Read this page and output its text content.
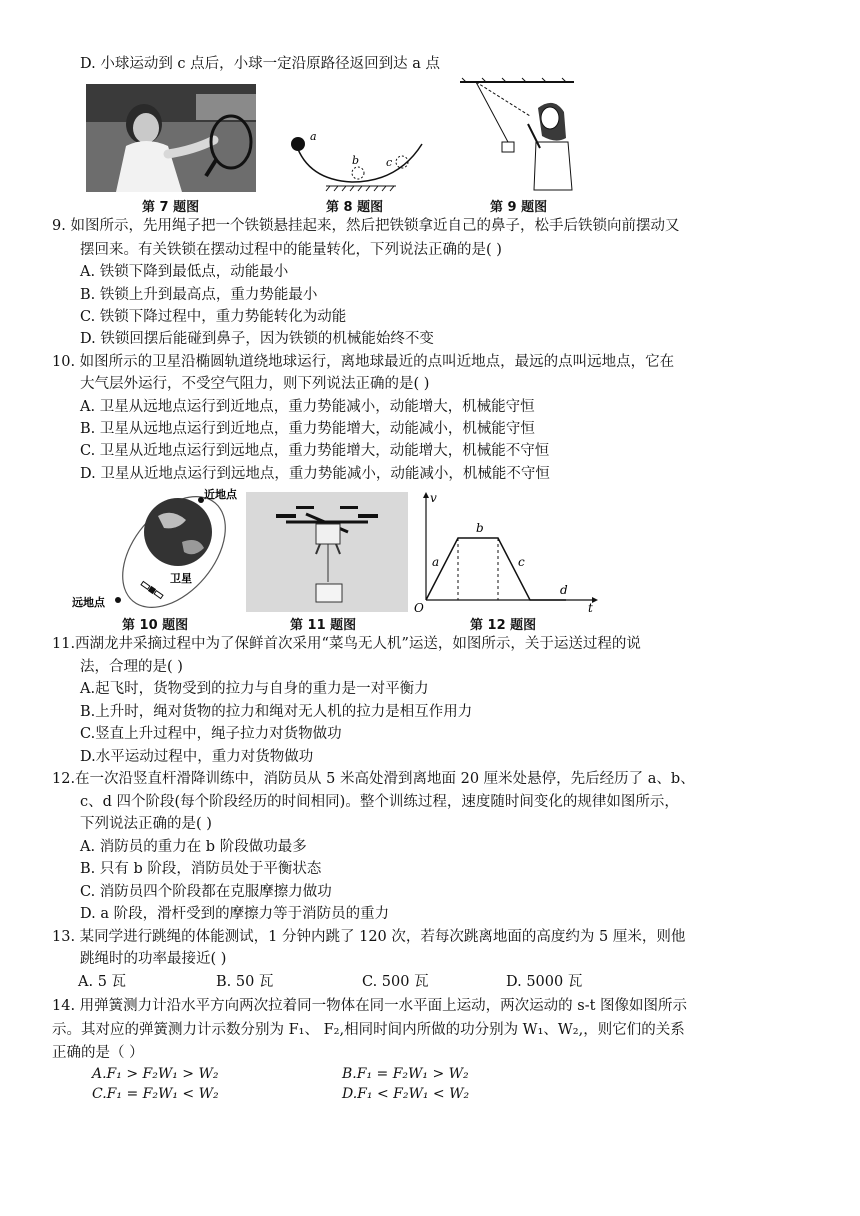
D. 小球运动到 c 点后，小球一定沿原路径返回到达 a 点
第 7 题图
a
b c
第 8 题图	第 9 题图
9. 如图所示，先用绳子把一个铁锁悬挂起来，然后把铁锁拿近自己的鼻子，松手后铁锁向前摆动又
摆回来。有关铁锁在摆动过程中的能量转化，下列说法正确的是( )
A. 铁锁下降到最低点，动能最小
B. 铁锁上升到最高点，重力势能最小
C. 铁锁下降过程中，重力势能转化为动能
D. 铁锁回摆后能碰到鼻子，因为铁锁的机械能始终不变
10. 如图所示的卫星沿椭圆轨道绕地球运行，离地球最近的点叫近地点，最远的点叫远地点，它在
大气层外运行，不受空气阻力，则下列说法正确的是( )
A. 卫星从远地点运行到近地点，重力势能减小，动能增大，机械能守恒
B. 卫星从远地点运行到近地点，重力势能增大，动能减小，机械能守恒
C. 卫星从近地点运行到远地点，重力势能增大，动能增大，机械能不守恒
D. 卫星从近地点运行到远地点，重力势能减小，动能减小，机械能不守恒
近地点
远地点
卫星
第 10 题图	第 11 题图
v
t
O
a
b
c
d
第 12 题图
11.西湖龙井采摘过程中为了保鲜首次采用“菜鸟无人机”运送，如图所示，关于运送过程的说
法，合理的是( )
A.起飞时，货物受到的拉力与自身的重力是一对平衡力
B.上升时，绳对货物的拉力和绳对无人机的拉力是相互作用力
C.竖直上升过程中，绳子拉力对货物做功
D.水平运动过程中，重力对货物做功
12.在一次沿竖直杆滑降训练中，消防员从 5 米高处滑到离地面 20 厘米处悬停，先后经历了 a、b、
c、d 四个阶段(每个阶段经历的时间相同)。整个训练过程，速度随时间变化的规律如图所示，
下列说法正确的是( )
A. 消防员的重力在 b 阶段做功最多
B. 只有 b 阶段，消防员处于平衡状态
C. 消防员四个阶段都在克服摩擦力做功
D. a 阶段，滑杆受到的摩擦力等于消防员的重力
13. 某同学进行跳绳的体能测试，1 分钟内跳了 120 次，若每次跳离地面的高度约为 5 厘米，则他
跳绳时的功率最接近( )
A. 5 瓦	B. 50 瓦	C. 500 瓦	D. 5000 瓦
14. 用弹簧测力计沿水平方向两次拉着同一物体在同一水平面上运动，两次运动的 s-t 图像如图所示
示。其对应的弹簧测力计示数分别为 F₁、 F₂,相同时间内所做的功分别为 W₁、W₂,，则它们的关系
正确的是（ ）
A.F₁ > F₂W₁ > W₂	B.F₁ = F₂W₁ > W₂
C.F₁ = F₂W₁ < W₂	D.F₁ < F₂W₁ < W₂
